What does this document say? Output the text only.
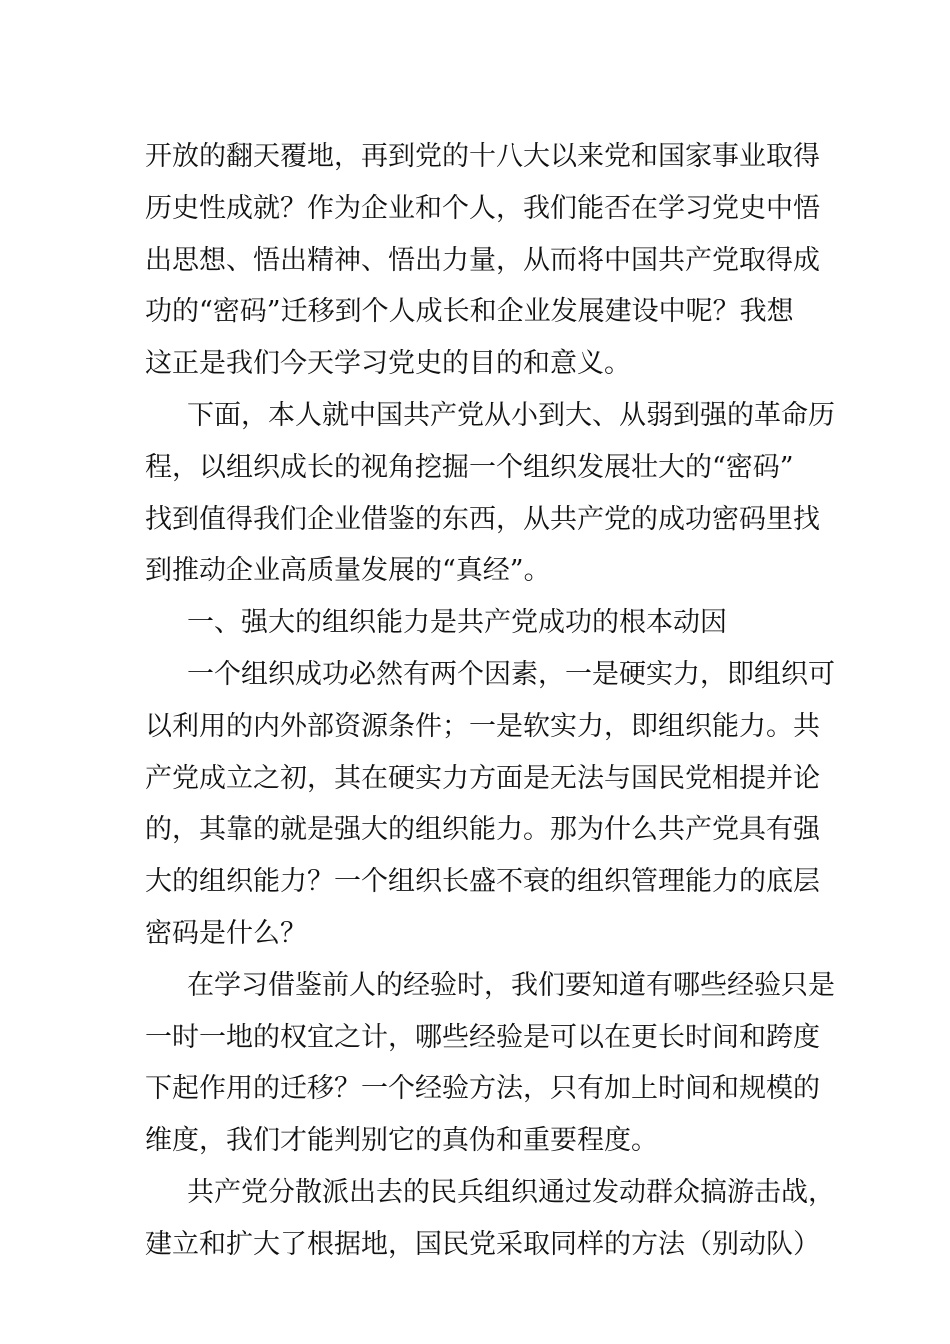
开放的翻天覆地，再到党的十八大以来党和国家事业取得
历史性成就？作为企业和个人，我们能否在学习党史中悟
出思想、悟出精神、悟出力量，从而将中国共产党取得成
功的“密码”迁移到个人成长和企业发展建设中呢？我想
这正是我们今天学习党史的目的和意义。
下面，本人就中国共产党从小到大、从弱到强的革命历
程，以组织成长的视角挖掘一个组织发展壮大的“密码”
找到值得我们企业借鉴的东西，从共产党的成功密码里找
到推动企业高质量发展的“真经”。
一、强大的组织能力是共产党成功的根本动因
一个组织成功必然有两个因素，一是硬实力，即组织可
以利用的内外部资源条件；一是软实力，即组织能力。共
产党成立之初，其在硬实力方面是无法与国民党相提并论
的，其靠的就是强大的组织能力。那为什么共产党具有强
大的组织能力？一个组织长盛不衰的组织管理能力的底层
密码是什么？
在学习借鉴前人的经验时，我们要知道有哪些经验只是
一时一地的权宜之计，哪些经验是可以在更长时间和跨度
下起作用的迁移？一个经验方法，只有加上时间和规模的
维度，我们才能判别它的真伪和重要程度。
共产党分散派出去的民兵组织通过发动群众搞游击战，
建立和扩大了根据地，国民党采取同样的方法（别动队）
